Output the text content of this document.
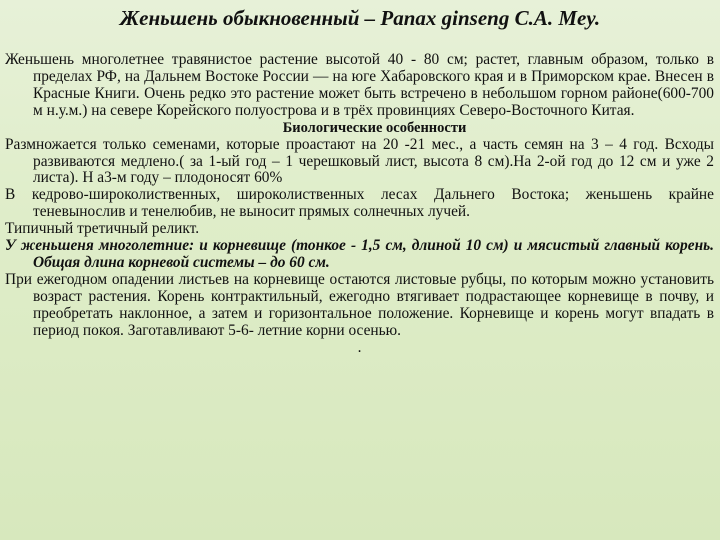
Женьшень обыкновенный – Panax ginseng C.A. Mey.

Женьшень многолетнее травянистое растение высотой 40 - 80 см; растет, главным образом, только в пределах РФ, на Дальнем Востоке России — на юге Хабаровского края и в Приморском крае. Внесен в Красные Книги. Очень редко это растение может быть встречено в небольшом горном районе(600-700 м н.у.м.) на севере Корейского полуострова и в трёх провинциях Северо-Восточного Китая.

Биологические особенности

Размножается только семенами, которые проастают на 20 -21 мес., а часть семян на 3 – 4 год. Всходы развиваются медлено.( за 1-ый год – 1 черешковый лист, высота 8 см).На 2-ой год до 12 см и уже 2 листа). Н а3-м году – плодоносят 60%

В кедрово-широколиственных, широколиственных лесах Дальнего Востока; женьшень крайне теневынослив и тенелюбив, не выносит прямых солнечных лучей.

Типичный третичный реликт.

У женьшеня многолетние: и корневище (тонкое - 1,5 см, длиной 10 см) и мясистый главный корень. Общая длина корневой системы – до 60 см.

При ежегодном опадении листьев на корневище остаются листовые рубцы, по которым можно установить возраст растения. Корень контрактильный, ежегодно втягивает подрастающее корневище в почву, и преобретать наклонное, а затем и горизонтальное положение. Корневище и корень могут впадать в период покоя. Заготавливают 5-6- летние корни осенью.

.
